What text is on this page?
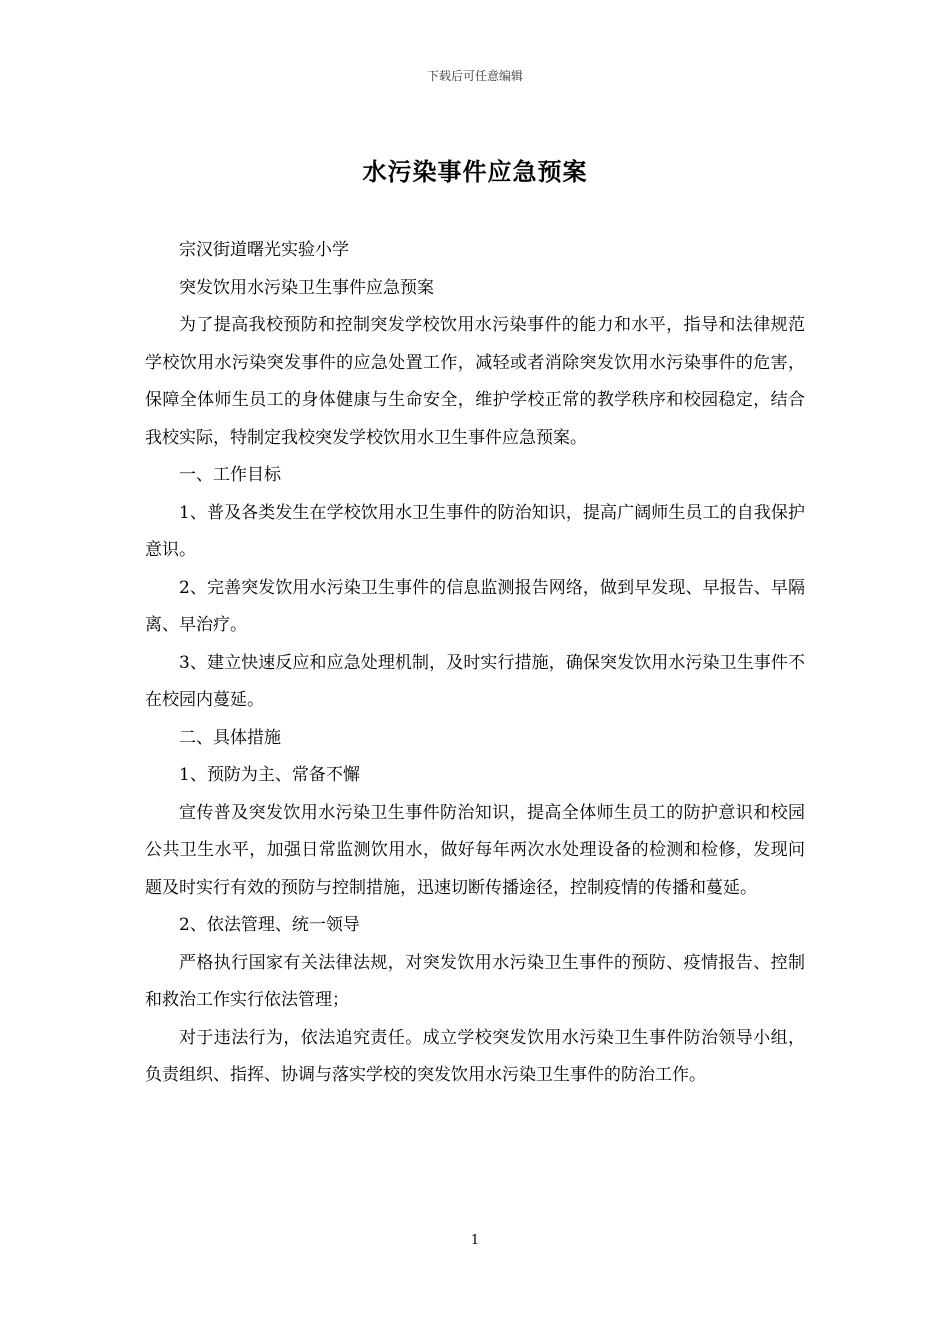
下载后可任意编辑
水污染事件应急预案

宗汉街道曙光实验小学

突发饮用水污染卫生事件应急预案

为了提高我校预防和控制突发学校饮用水污染事件的能力和水平，指导和法律规范学校饮用水污染突发事件的应急处置工作，减轻或者消除突发饮用水污染事件的危害，保障全体师生员工的身体健康与生命安全，维护学校正常的教学秩序和校园稳定，结合我校实际，特制定我校突发学校饮用水卫生事件应急预案。

一、工作目标

1、普及各类发生在学校饮用水卫生事件的防治知识，提高广阔师生员工的自我保护意识。

2、完善突发饮用水污染卫生事件的信息监测报告网络，做到早发现、早报告、早隔离、早治疗。

3、建立快速反应和应急处理机制，及时实行措施，确保突发饮用水污染卫生事件不在校园内蔓延。

二、具体措施

1、预防为主、常备不懈

宣传普及突发饮用水污染卫生事件防治知识，提高全体师生员工的防护意识和校园公共卫生水平，加强日常监测饮用水，做好每年两次水处理设备的检测和检修，发现问题及时实行有效的预防与控制措施，迅速切断传播途径，控制疫情的传播和蔓延。

2、依法管理、统一领导

严格执行国家有关法律法规，对突发饮用水污染卫生事件的预防、疫情报告、控制和救治工作实行依法管理；

对于违法行为，依法追究责任。成立学校突发饮用水污染卫生事件防治领导小组，负责组织、指挥、协调与落实学校的突发饮用水污染卫生事件的防治工作。

1
